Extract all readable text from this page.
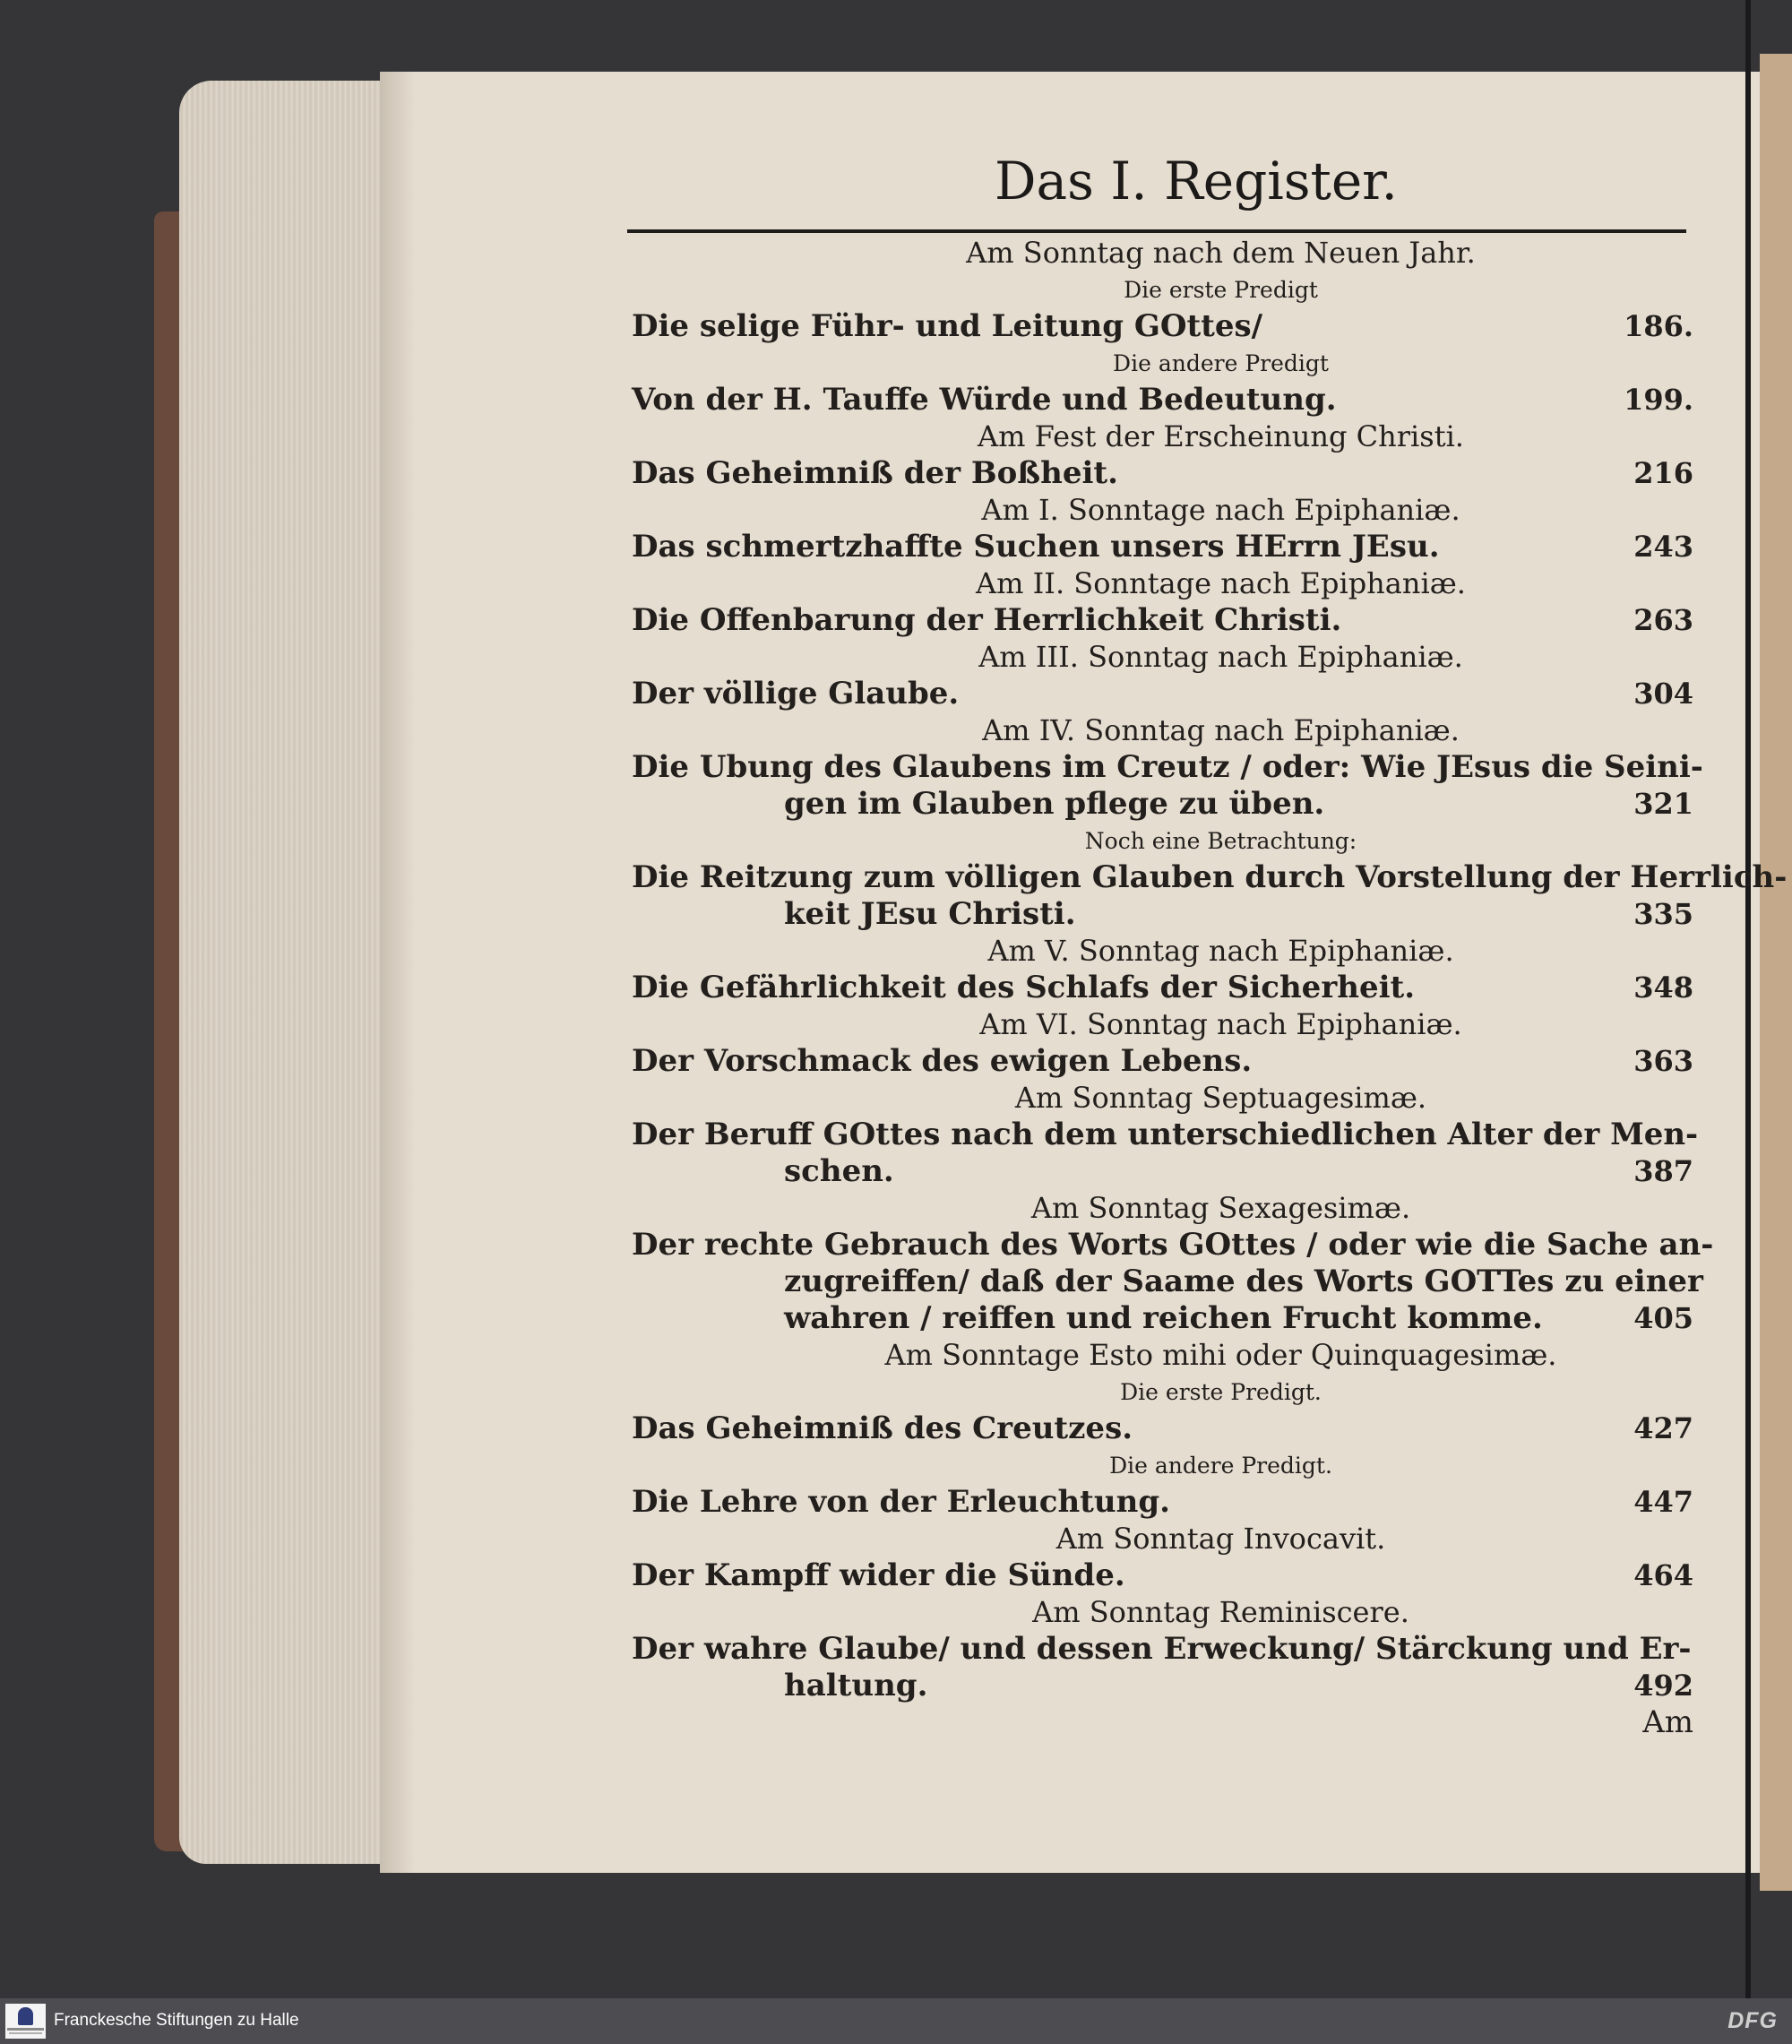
Das I. Register.
Am Sonntag nach dem Neuen Jahr.
Die erste Predigt
Die selige Führ- und Leitung GOttes/	186.
Die andere Predigt
Von der H. Tauffe Würde und Bedeutung.	199.
Am Fest der Erscheinung Christi.
Das Geheimniß der Boßheit.	216
Am I. Sonntage nach Epiphaniæ.
Das schmertzhaffte Suchen unsers HErrn JEsu.	243
Am II. Sonntage nach Epiphaniæ.
Die Offenbarung der Herrlichkeit Christi.	263
Am III. Sonntag nach Epiphaniæ.
Der völlige Glaube.	304
Am IV. Sonntag nach Epiphaniæ.
Die Ubung des Glaubens im Creutz / oder: Wie JEsus die Seini-
gen im Glauben pflege zu üben.	321
Noch eine Betrachtung:
Die Reitzung zum völligen Glauben durch Vorstellung der Herrlich-
keit JEsu Christi.	335
Am V. Sonntag nach Epiphaniæ.
Die Gefährlichkeit des Schlafs der Sicherheit.	348
Am VI. Sonntag nach Epiphaniæ.
Der Vorschmack des ewigen Lebens.	363
Am Sonntag Septuagesimæ.
Der Beruff GOttes nach dem unterschiedlichen Alter der Men-
schen.	387
Am Sonntag Sexagesimæ.
Der rechte Gebrauch des Worts GOttes / oder wie die Sache an-
zugreiffen/ daß der Saame des Worts GOTTes zu einer
wahren / reiffen und reichen Frucht komme.	405
Am Sonntage Esto mihi oder Quinquagesimæ.
Die erste Predigt.
Das Geheimniß des Creutzes.	427
Die andere Predigt.
Die Lehre von der Erleuchtung.	447
Am Sonntag Invocavit.
Der Kampff wider die Sünde.	464
Am Sonntag Reminiscere.
Der wahre Glaube/ und dessen Erweckung/ Stärckung und Er-
haltung.	492
Am
Franckesche Stiftungen zu Halle	DFG
